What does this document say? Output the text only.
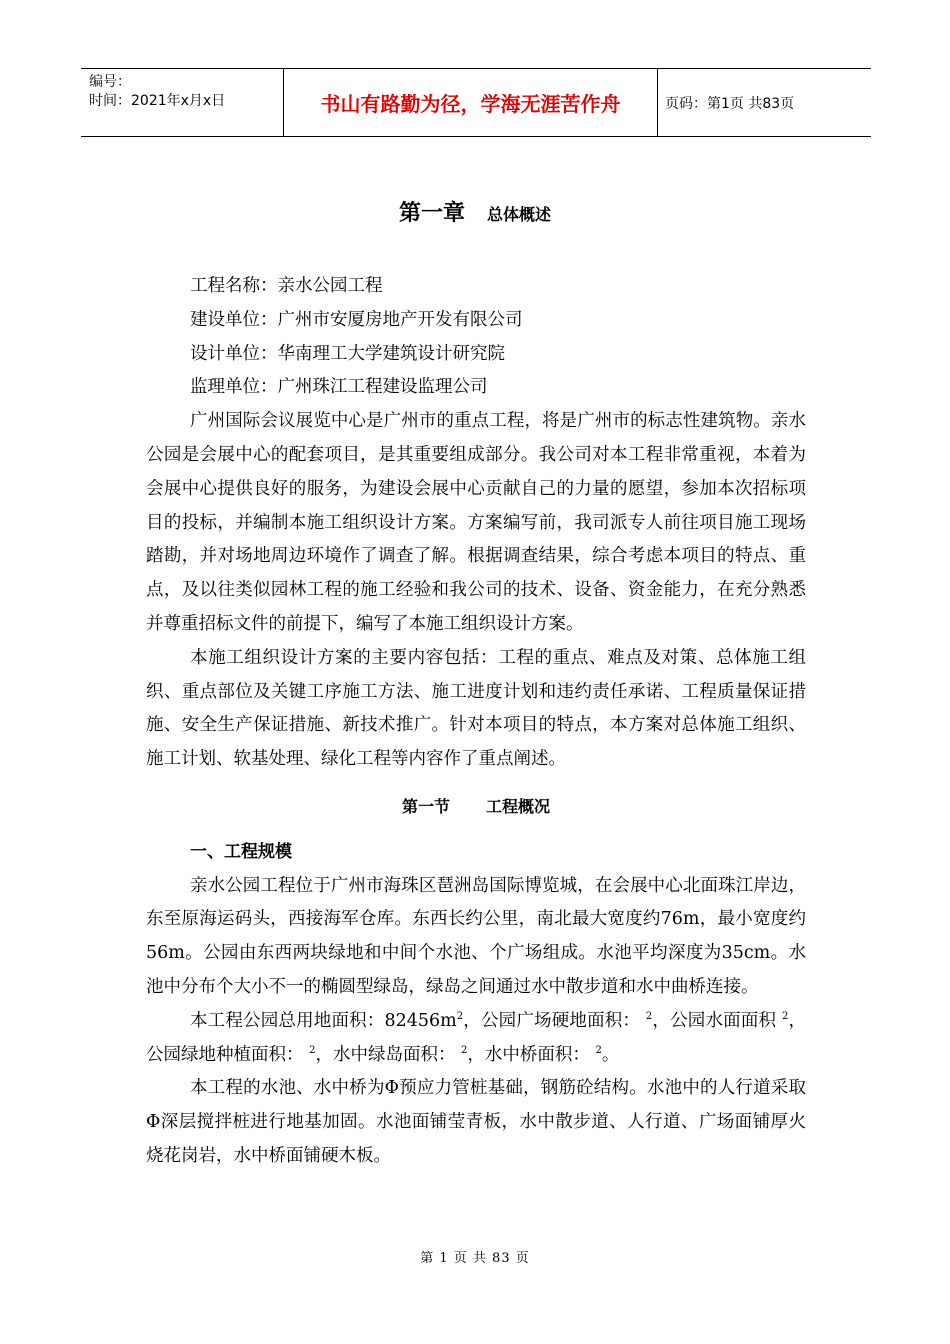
编号：
时间：2021年x月x日	书山有路勤为径，学海无涯苦作舟	页码：第1页 共83页
第一章 总体概述
工程名称：亲水公园工程
建设单位：广州市安厦房地产开发有限公司
设计单位：华南理工大学建筑设计研究院
监理单位：广州珠江工程建设监理公司

广州国际会议展览中心是广州市的重点工程，将是广州市的标志性建筑物。亲水公园是会展中心的配套项目，是其重要组成部分。我公司对本工程非常重视，本着为会展中心提供良好的服务，为建设会展中心贡献自己的力量的愿望，参加本次招标项目的投标，并编制本施工组织设计方案。方案编写前，我司派专人前往项目施工现场踏勘，并对场地周边环境作了调查了解。根据调查结果，综合考虑本项目的特点、重点，及以往类似园林工程的施工经验和我公司的技术、设备、资金能力，在充分熟悉并尊重招标文件的前提下，编写了本施工组织设计方案。

本施工组织设计方案的主要内容包括：工程的重点、难点及对策、总体施工组织、重点部位及关键工序施工方法、施工进度计划和违约责任承诺、工程质量保证措施、安全生产保证措施、新技术推广。针对本项目的特点，本方案对总体施工组织、施工计划、软基处理、绿化工程等内容作了重点阐述。

第一节 工程概况
一、工程规模

亲水公园工程位于广州市海珠区琶洲岛国际博览城，在会展中心北面珠江岸边，东至原海运码头，西接海军仓库。东西长约公里，南北最大宽度约76m，最小宽度约56m。公园由东西两块绿地和中间个水池、个广场组成。水池平均深度为35cm。水池中分布个大小不一的椭圆型绿岛，绿岛之间通过水中散步道和水中曲桥连接。

本工程公园总用地面积：$82456m^2$，公园广场硬地面积： $^2$，公园水面面积 $^2$，公园绿地种植面积： $^2$，水中绿岛面积： $^2$，水中桥面积： $^2$。

本工程的水池、水中桥为Φ预应力管桩基础，钢筋砼结构。水池中的人行道采取Φ深层搅拌桩进行地基加固。水池面铺莹青板，水中散步道、人行道、广场面铺厚火烧花岗岩，水中桥面铺硬木板。

第 1 页 共 83 页
